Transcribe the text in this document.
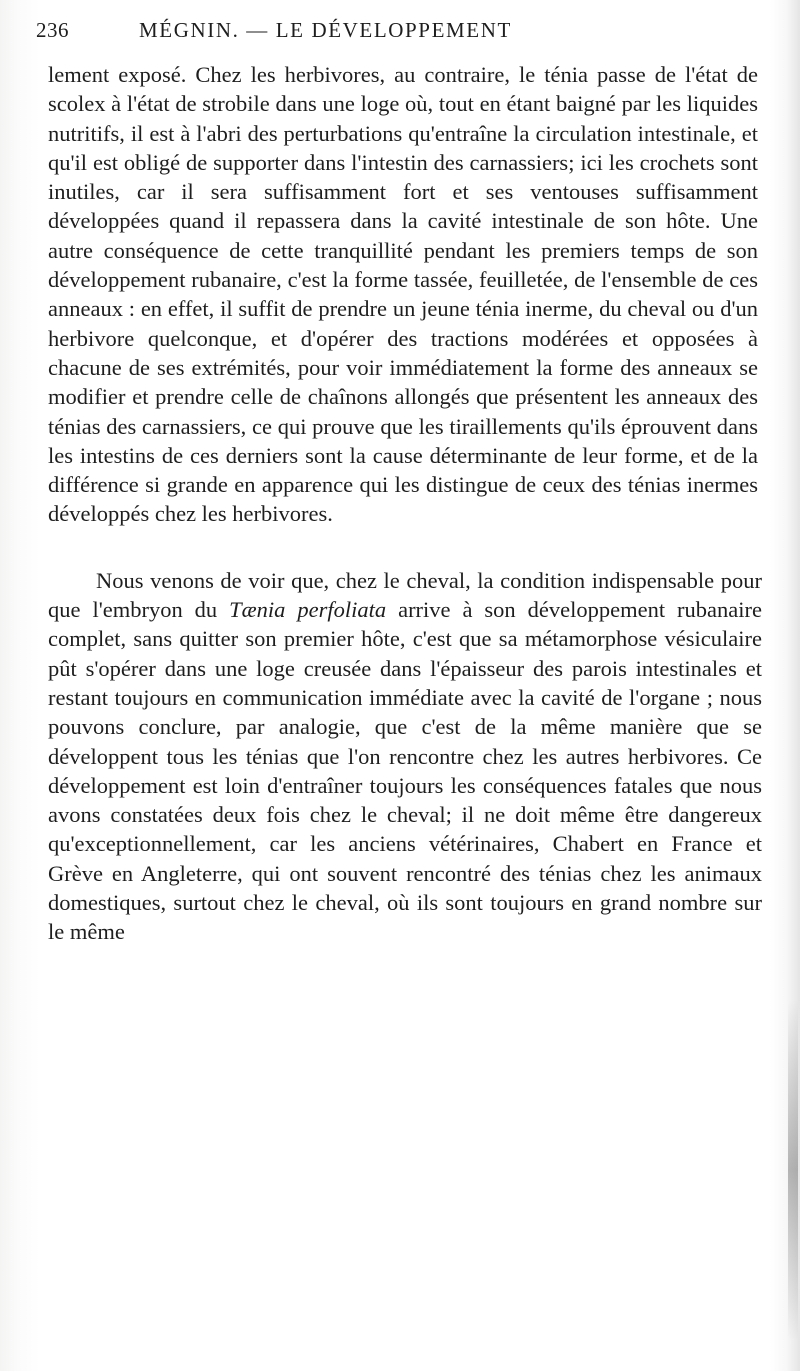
236	MÉGNIN. — LE DÉVELOPPEMENT

lement exposé. Chez les herbivores, au contraire, le ténia passe de l'état de scolex à l'état de strobile dans une loge où, tout en étant baigné par les liquides nutritifs, il est à l'abri des perturbations qu'entraîne la circulation intestinale, et qu'il est obligé de supporter dans l'intestin des carnassiers; ici les crochets sont inutiles, car il sera suffisamment fort et ses ventouses suffisamment développées quand il repassera dans la cavité intestinale de son hôte. Une autre conséquence de cette tranquillité pendant les premiers temps de son développement rubanaire, c'est la forme tassée, feuilletée, de l'ensemble de ces anneaux : en effet, il suffit de prendre un jeune ténia inerme, du cheval ou d'un herbivore quelconque, et d'opérer des tractions modérées et opposées à chacune de ses extrémités, pour voir immédiatement la forme des anneaux se modifier et prendre celle de chaînons allongés que présentent les anneaux des ténias des carnassiers, ce qui prouve que les tiraillements qu'ils éprouvent dans les intestins de ces derniers sont la cause déterminante de leur forme, et de la différence si grande en apparence qui les distingue de ceux des ténias inermes développés chez les herbivores.

Nous venons de voir que, chez le cheval, la condition indispensable pour que l'embryon du Tænia perfoliata arrive à son développement rubanaire complet, sans quitter son premier hôte, c'est que sa métamorphose vésiculaire pût s'opérer dans une loge creusée dans l'épaisseur des parois intestinales et restant toujours en communication immédiate avec la cavité de l'organe ; nous pouvons conclure, par analogie, que c'est de la même manière que se développent tous les ténias que l'on rencontre chez les autres herbivores. Ce développement est loin d'entraîner toujours les conséquences fatales que nous avons constatées deux fois chez le cheval; il ne doit même être dangereux qu'exceptionnellement, car les anciens vétérinaires, Chabert en France et Grève en Angleterre, qui ont souvent rencontré des ténias chez les animaux domestiques, surtout chez le cheval, où ils sont toujours en grand nombre sur le même
